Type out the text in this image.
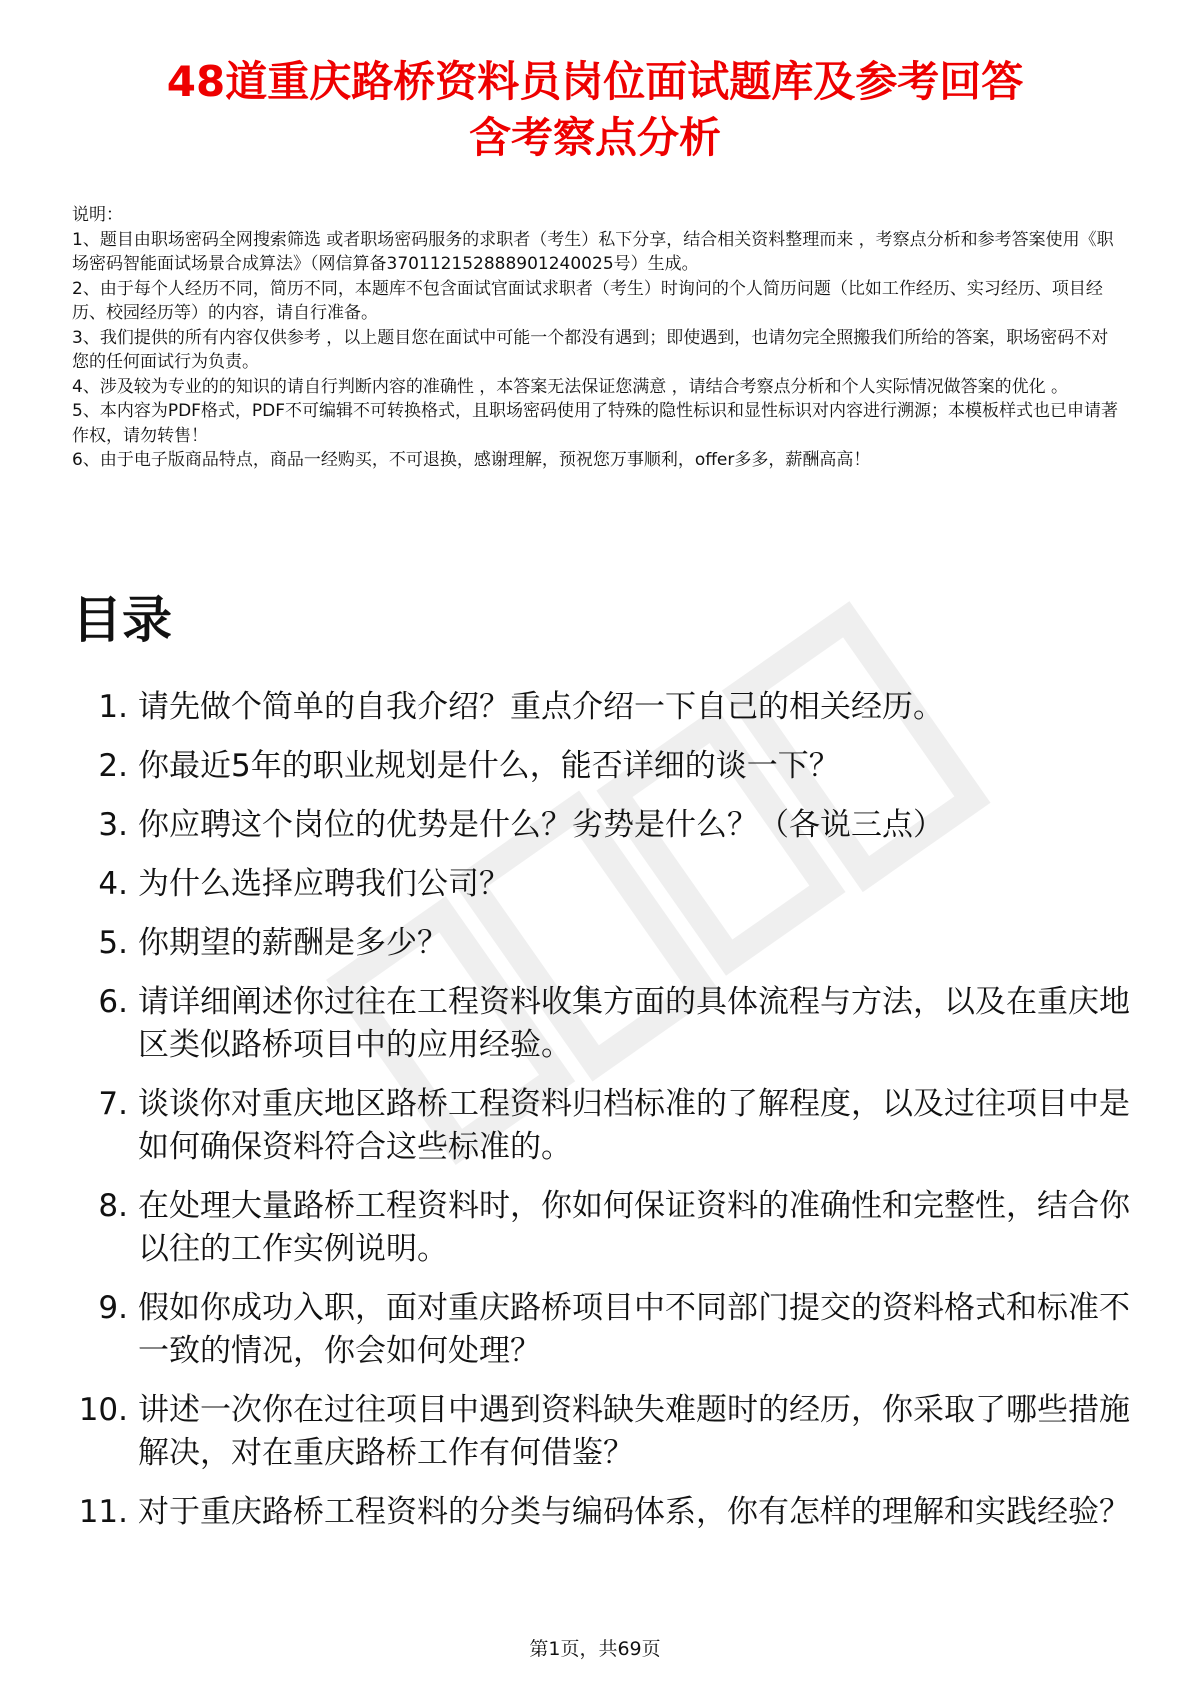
48道重庆路桥资料员岗位面试题库及参考回答
含考察点分析

说明：

1、题目由职场密码全网搜索筛选 或者职场密码服务的求职者（考生）私下分享，结合相关资料整理而来 ，考察点分析和参考答案使用《职场密码智能面试场景合成算法》（网信算备370112152888901240025号）生成。

2、由于每个人经历不同，简历不同，本题库不包含面试官面试求职者（考生）时询问的个人简历问题（比如工作经历、实习经历、项目经历、校园经历等）的内容，请自行准备。

3、我们提供的所有内容仅供参考 ，以上题目您在面试中可能一个都没有遇到；即使遇到，也请勿完全照搬我们所给的答案，职场密码不对您的任何面试行为负责。

4、涉及较为专业的的知识的请自行判断内容的准确性 ，本答案无法保证您满意 ，请结合考察点分析和个人实际情况做答案的优化 。

5、本内容为PDF格式，PDF不可编辑不可转换格式，且职场密码使用了特殊的隐性标识和显性标识对内容进行溯源；本模板样式也已申请著作权，请勿转售！

6、由于电子版商品特点，商品一经购买，不可退换，感谢理解，预祝您万事顺利，offer多多，薪酬高高！

目录
1. 请先做个简单的自我介绍？重点介绍一下自己的相关经历。
2. 你最近5年的职业规划是什么，能否详细的谈一下？
3. 你应聘这个岗位的优势是什么？劣势是什么？（各说三点）
4. 为什么选择应聘我们公司？
5. 你期望的薪酬是多少？
6. 请详细阐述你过往在工程资料收集方面的具体流程与方法，以及在重庆地区类似路桥项目中的应用经验。
7. 谈谈你对重庆地区路桥工程资料归档标准的了解程度，以及过往项目中是如何确保资料符合这些标准的。
8. 在处理大量路桥工程资料时，你如何保证资料的准确性和完整性，结合你以往的工作实例说明。
9. 假如你成功入职，面对重庆路桥项目中不同部门提交的资料格式和标准不一致的情况，你会如何处理？
10. 讲述一次你在过往项目中遇到资料缺失难题时的经历，你采取了哪些措施解决，对在重庆路桥工作有何借鉴？
11. 对于重庆路桥工程资料的分类与编码体系，你有怎样的理解和实践经验？
第1页，共69页
